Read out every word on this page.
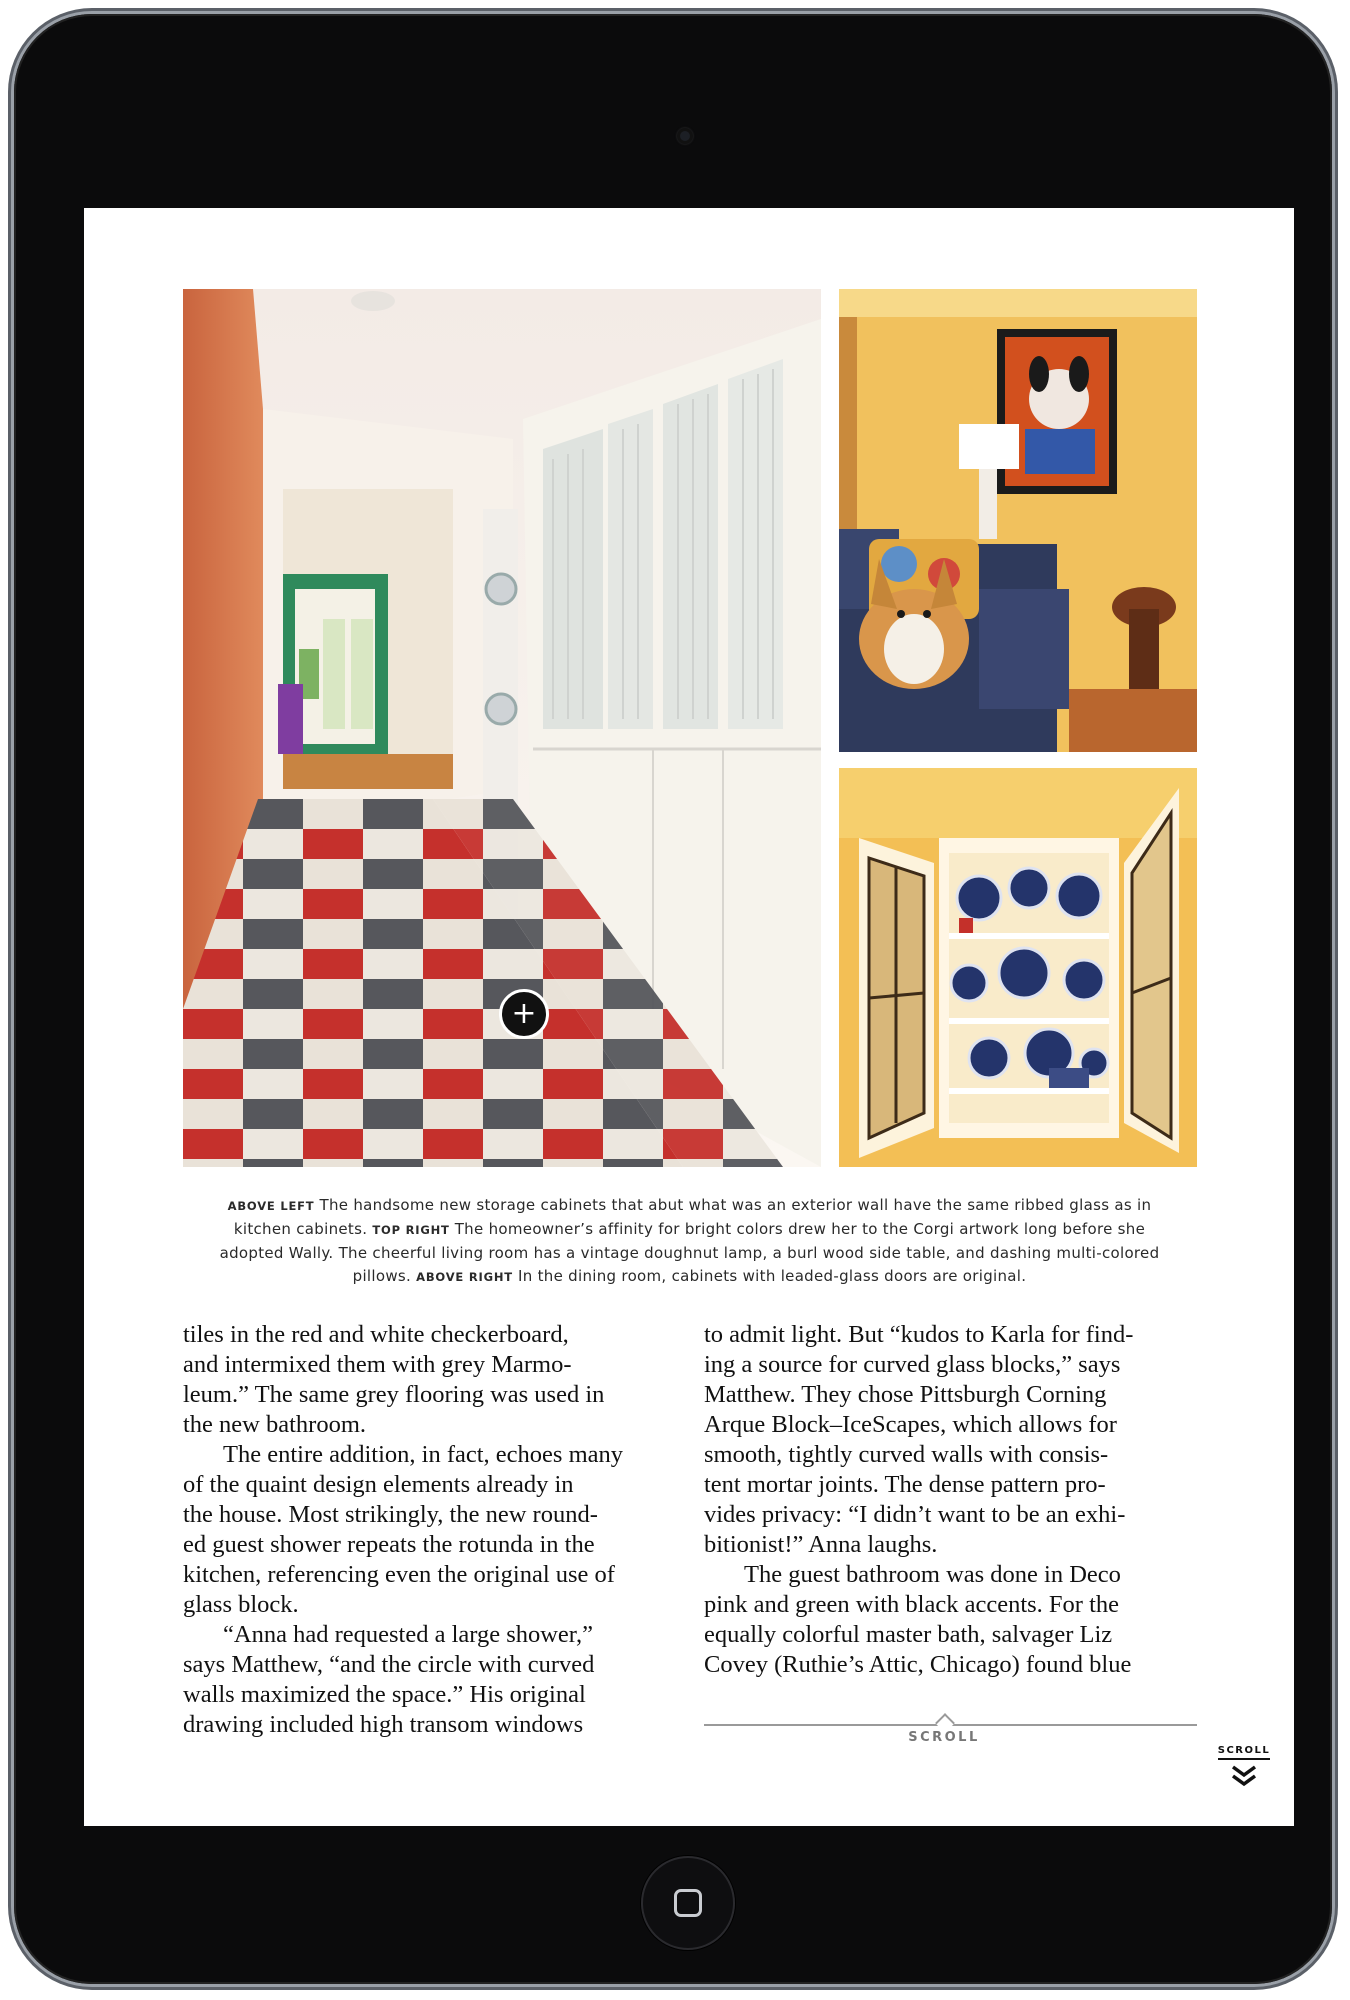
+
ABOVE LEFT The handsome new storage cabinets that abut what was an exterior wall have the same ribbed glass as in kitchen cabinets. TOP RIGHT The homeowner’s affinity for bright colors drew her to the Corgi artwork long before she adopted Wally. The cheerful living room has a vintage doughnut lamp, a burl wood side table, and dashing multi-colored pillows. ABOVE RIGHT In the dining room, cabinets with leaded-glass doors are original.
tiles in the red and white checkerboard,
and intermixed them with grey Marmo-
leum.” The same grey flooring was used in
the new bathroom.
The entire addition, in fact, echoes many
of the quaint design elements already in
the house. Most strikingly, the new round-
ed guest shower repeats the rotunda in the
kitchen, referencing even the original use of
glass block.
“Anna had requested a large shower,”
says Matthew, “and the circle with curved
walls maximized the space.” His original
drawing included high transom windows
to admit light. But “kudos to Karla for find-
ing a source for curved glass blocks,” says
Matthew. They chose Pittsburgh Corning
Arque Block–IceScapes, which allows for
smooth, tightly curved walls with consis-
tent mortar joints. The dense pattern pro-
vides privacy: “I didn’t want to be an exhi-
bitionist!” Anna laughs.
The guest bathroom was done in Deco
pink and green with black accents. For the
equally colorful master bath, salvager Liz
Covey (Ruthie’s Attic, Chicago) found blue
SCROLL
SCROLL
